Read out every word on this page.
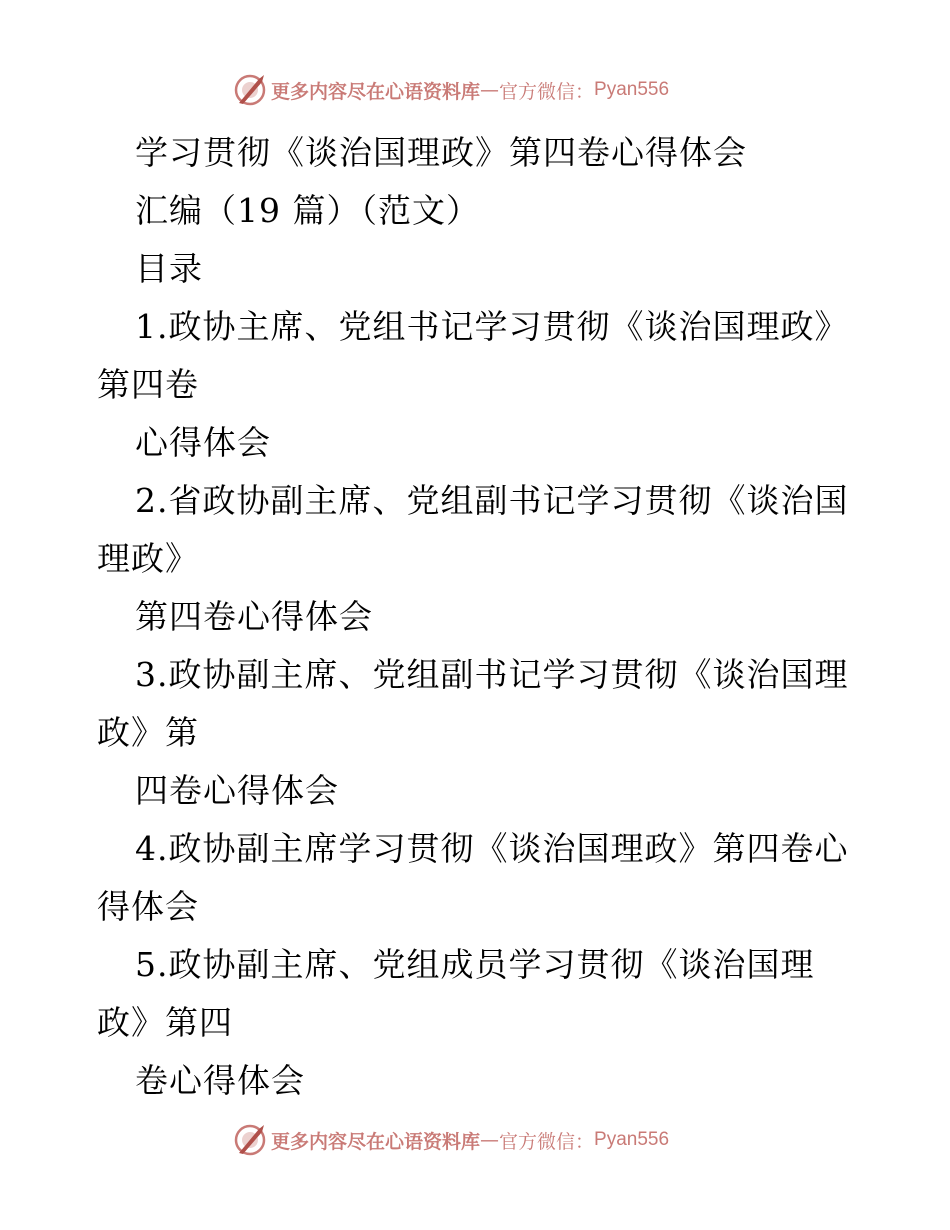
更多内容尽在心语资料库 — 官方微信： Pyan556
学习贯彻《谈治国理政》第四卷心得体会
汇编（19 篇）（范文）
目录
1.政协主席、党组书记学习贯彻《谈治国理政》
第四卷
心得体会
2.省政协副主席、党组副书记学习贯彻《谈治国
理政》
第四卷心得体会
3.政协副主席、党组副书记学习贯彻《谈治国理
政》第
四卷心得体会
4.政协副主席学习贯彻《谈治国理政》第四卷心
得体会
5.政协副主席、党组成员学习贯彻《谈治国理
政》第四
卷心得体会
更多内容尽在心语资料库 — 官方微信： Pyan556
